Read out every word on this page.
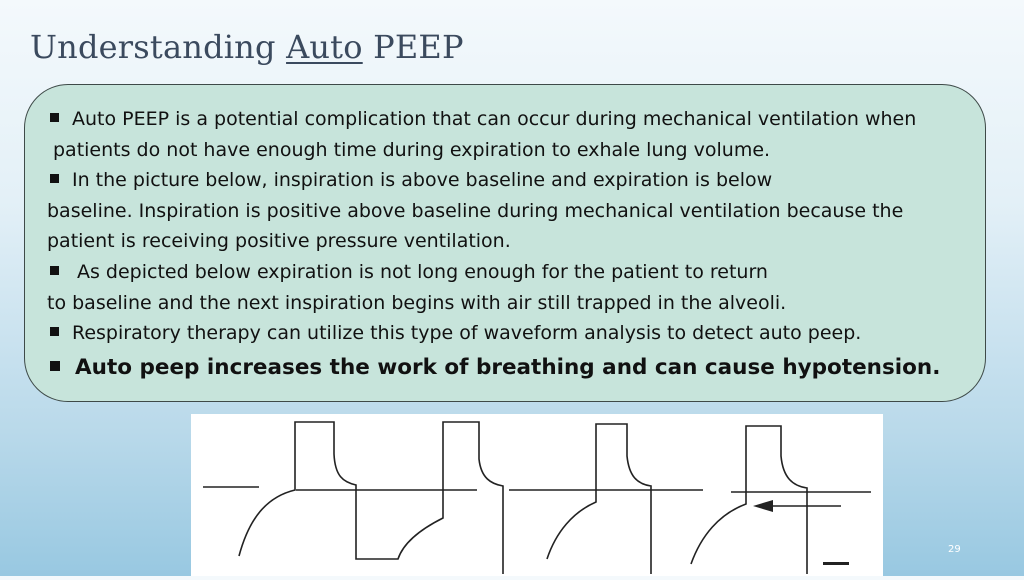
Understanding Auto PEEP
Auto PEEP is a potential complication that can occur during mechanical ventilation when
patients do not have enough time during expiration to exhale lung volume.
In the picture below, inspiration is above baseline and expiration is below
baseline. Inspiration is positive above baseline during mechanical ventilation because the
patient is receiving positive pressure ventilation.
As depicted below expiration is not long enough for the patient to return
to baseline and the next inspiration begins with air still trapped in the alveoli.
Respiratory therapy can utilize this type of waveform analysis to detect auto peep.
Auto peep increases the work of breathing and can cause hypotension.
29
